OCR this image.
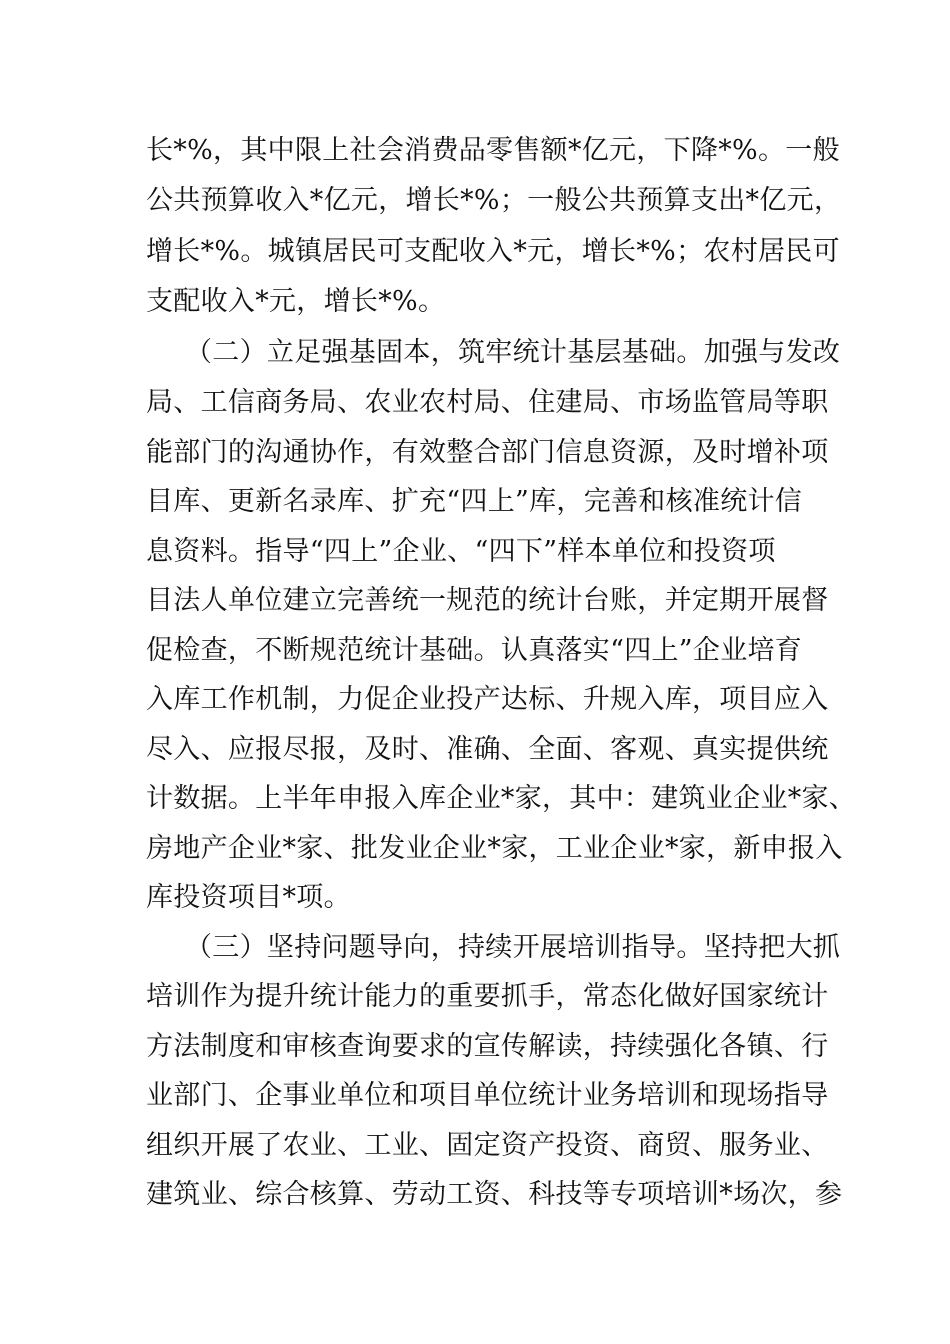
长*%，其中限上社会消费品零售额*亿元，下降*%。一般
公共预算收入*亿元，增长*%；一般公共预算支出*亿元，
增长*%。城镇居民可支配收入*元，增长*%；农村居民可
支配收入*元，增长*%。
（二）立足强基固本，筑牢统计基层基础。加强与发改
局、工信商务局、农业农村局、住建局、市场监管局等职
能部门的沟通协作，有效整合部门信息资源，及时增补项
目库、更新名录库、扩充“四上”库，完善和核准统计信
息资料。指导“四上”企业、“四下”样本单位和投资项
目法人单位建立完善统一规范的统计台账，并定期开展督
促检查，不断规范统计基础。认真落实“四上”企业培育
入库工作机制，力促企业投产达标、升规入库，项目应入
尽入、应报尽报，及时、准确、全面、客观、真实提供统
计数据。上半年申报入库企业*家，其中：建筑业企业*家、
房地产企业*家、批发业企业*家，工业企业*家，新申报入
库投资项目*项。
（三）坚持问题导向，持续开展培训指导。坚持把大抓
培训作为提升统计能力的重要抓手，常态化做好国家统计
方法制度和审核查询要求的宣传解读，持续强化各镇、行
业部门、企事业单位和项目单位统计业务培训和现场指导
组织开展了农业、工业、固定资产投资、商贸、服务业、
建筑业、综合核算、劳动工资、科技等专项培训*场次，参
